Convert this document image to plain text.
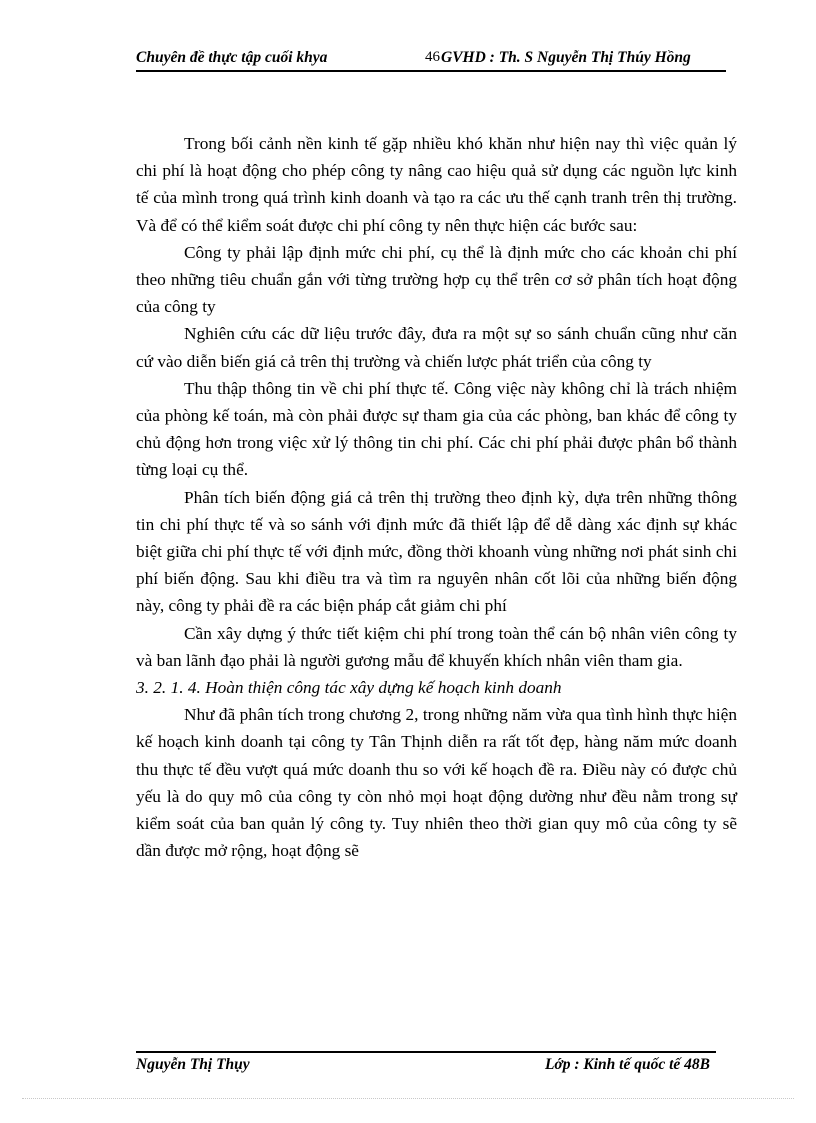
Chuyên đề thực tập cuối khya	46 GVHD : Th. S Nguyễn Thị Thúy Hồng

Trong bối cảnh nền kinh tế gặp nhiều khó khăn như hiện nay thì việc quản lý chi phí là hoạt động cho phép công ty nâng cao hiệu quả sử dụng các nguồn lực kinh tế của mình trong quá trình kinh doanh và tạo ra các ưu thế cạnh tranh trên thị trường. Và để có thể kiểm soát được chi phí công ty nên thực hiện các bước sau:

Công ty phải lập định mức chi phí, cụ thể là định mức cho các khoản chi phí theo những tiêu chuẩn gắn với từng trường hợp cụ thể trên cơ sở phân tích hoạt động của công ty

Nghiên cứu các dữ liệu trước đây, đưa ra một sự so sánh chuẩn cũng như căn cứ vào diễn biến giá cả trên thị trường và chiến lược phát triển của công ty

Thu thập thông tin về chi phí thực tế. Công việc này không chỉ là trách nhiệm của phòng kế toán, mà còn phải được sự tham gia của các phòng, ban khác để công ty chủ động hơn trong việc xử lý thông tin chi phí. Các chi phí phải được phân bổ thành từng loại cụ thể.

Phân tích biến động giá cả trên thị trường theo định kỳ, dựa trên những thông tin chi phí thực tế và so sánh với định mức đã thiết lập để dễ dàng xác định sự khác biệt giữa chi phí thực tế với định mức, đồng thời khoanh vùng những nơi phát sinh chi phí biến động. Sau khi điều tra và tìm ra nguyên nhân cốt lõi của những biến động này, công ty phải đề ra các biện pháp cắt giảm chi phí

Cần xây dựng ý thức tiết kiệm chi phí trong toàn thể cán bộ nhân viên công ty và ban lãnh đạo phải là người gương mẫu để khuyến khích nhân viên tham gia.

3. 2. 1. 4. Hoàn thiện công tác xây dựng kế hoạch kinh doanh

Như đã phân tích trong chương 2, trong những năm vừa qua tình hình thực hiện kế hoạch kinh doanh tại công ty Tân Thịnh diễn ra rất tốt đẹp, hàng năm mức doanh thu thực tế đều vượt quá mức doanh thu so với kế hoạch đề ra. Điều này có được chủ yếu là do quy mô của công ty còn nhỏ mọi hoạt động dường như đều nằm trong sự kiểm soát của ban quản lý công ty. Tuy nhiên theo thời gian quy mô của công ty sẽ dần được mở rộng, hoạt động sẽ

Nguyễn Thị Thụy	Lớp : Kinh tế quốc tế 48B
